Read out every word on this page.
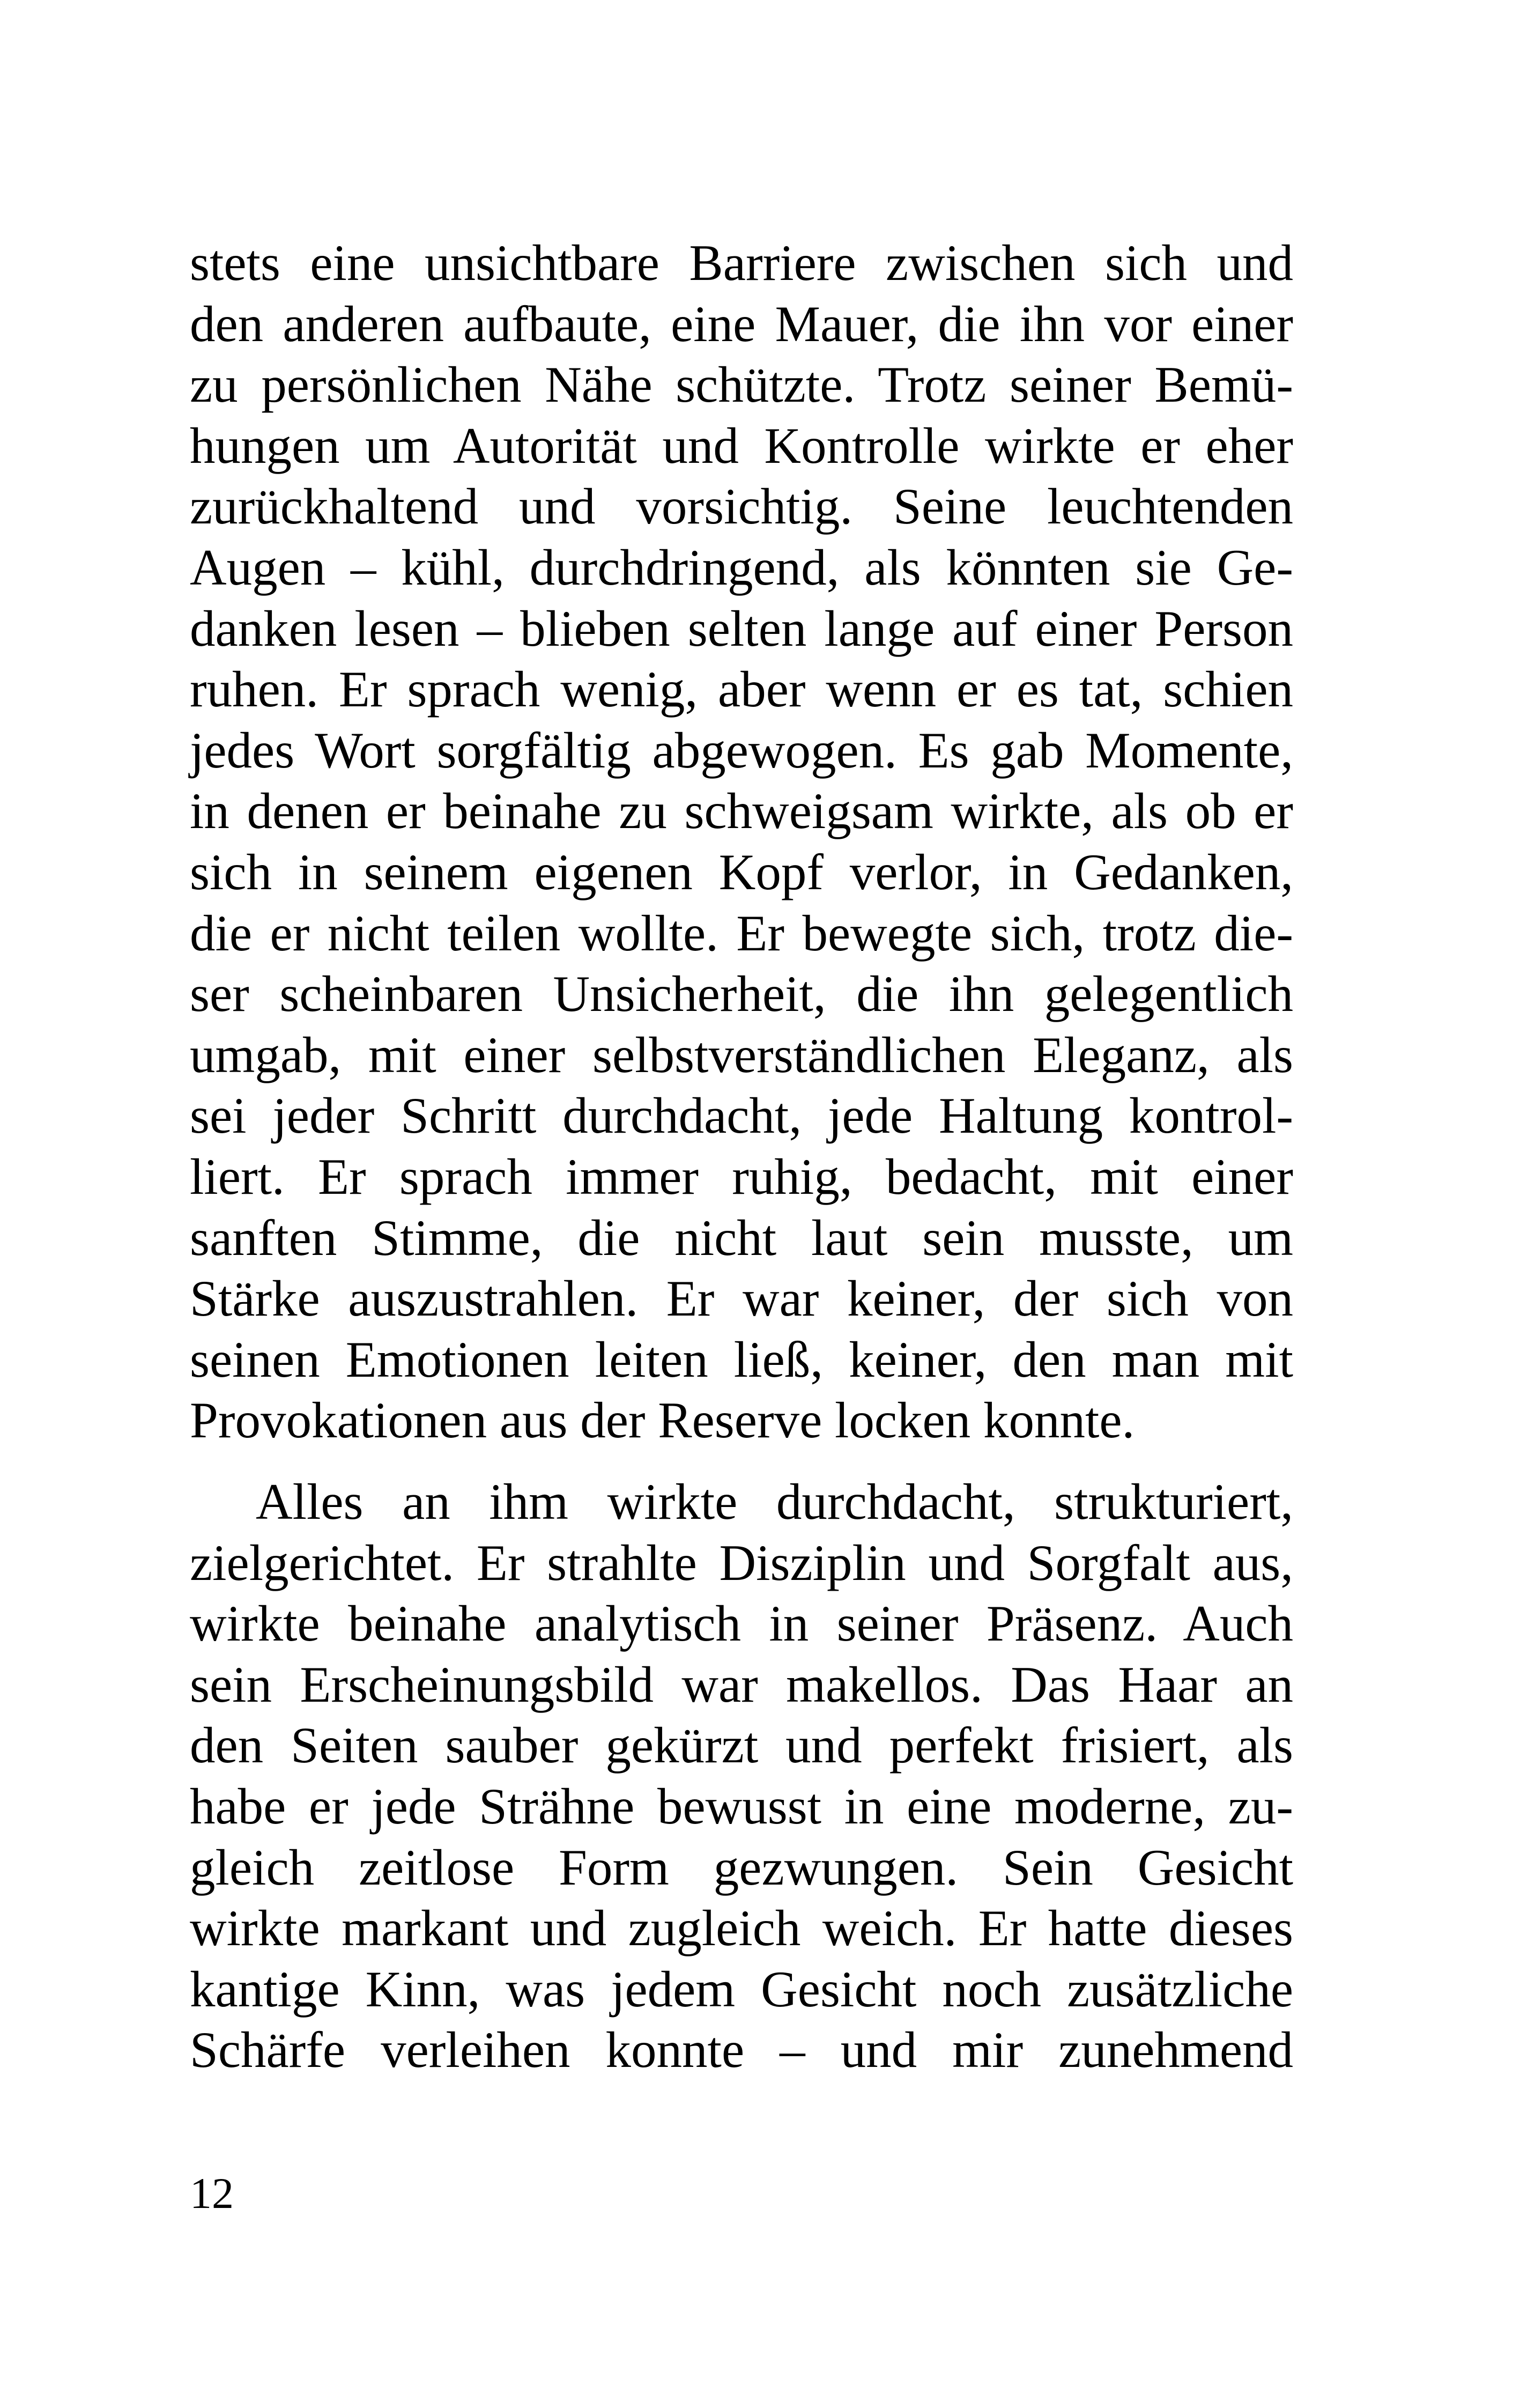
stets eine unsichtbare Barriere zwischen sich und
den anderen aufbaute, eine Mauer, die ihn vor einer
zu persönlichen Nähe schützte. Trotz seiner Bemü-
hungen um Autorität und Kontrolle wirkte er eher
zurückhaltend und vorsichtig. Seine leuchtenden
Augen – kühl, durchdringend, als könnten sie Ge-
danken lesen – blieben selten lange auf einer Person
ruhen. Er sprach wenig, aber wenn er es tat, schien
jedes Wort sorgfältig abgewogen. Es gab Momente,
in denen er beinahe zu schweigsam wirkte, als ob er
sich in seinem eigenen Kopf verlor, in Gedanken,
die er nicht teilen wollte. Er bewegte sich, trotz die-
ser scheinbaren Unsicherheit, die ihn gelegentlich
umgab, mit einer selbstverständlichen Eleganz, als
sei jeder Schritt durchdacht, jede Haltung kontrol-
liert. Er sprach immer ruhig, bedacht, mit einer
sanften Stimme, die nicht laut sein musste, um
Stärke auszustrahlen. Er war keiner, der sich von
seinen Emotionen leiten ließ, keiner, den man mit
Provokationen aus der Reserve locken konnte.
Alles an ihm wirkte durchdacht, strukturiert,
zielgerichtet. Er strahlte Disziplin und Sorgfalt aus,
wirkte beinahe analytisch in seiner Präsenz. Auch
sein Erscheinungsbild war makellos. Das Haar an
den Seiten sauber gekürzt und perfekt frisiert, als
habe er jede Strähne bewusst in eine moderne, zu-
gleich zeitlose Form gezwungen. Sein Gesicht
wirkte markant und zugleich weich. Er hatte dieses
kantige Kinn, was jedem Gesicht noch zusätzliche
Schärfe verleihen konnte – und mir zunehmend
12
